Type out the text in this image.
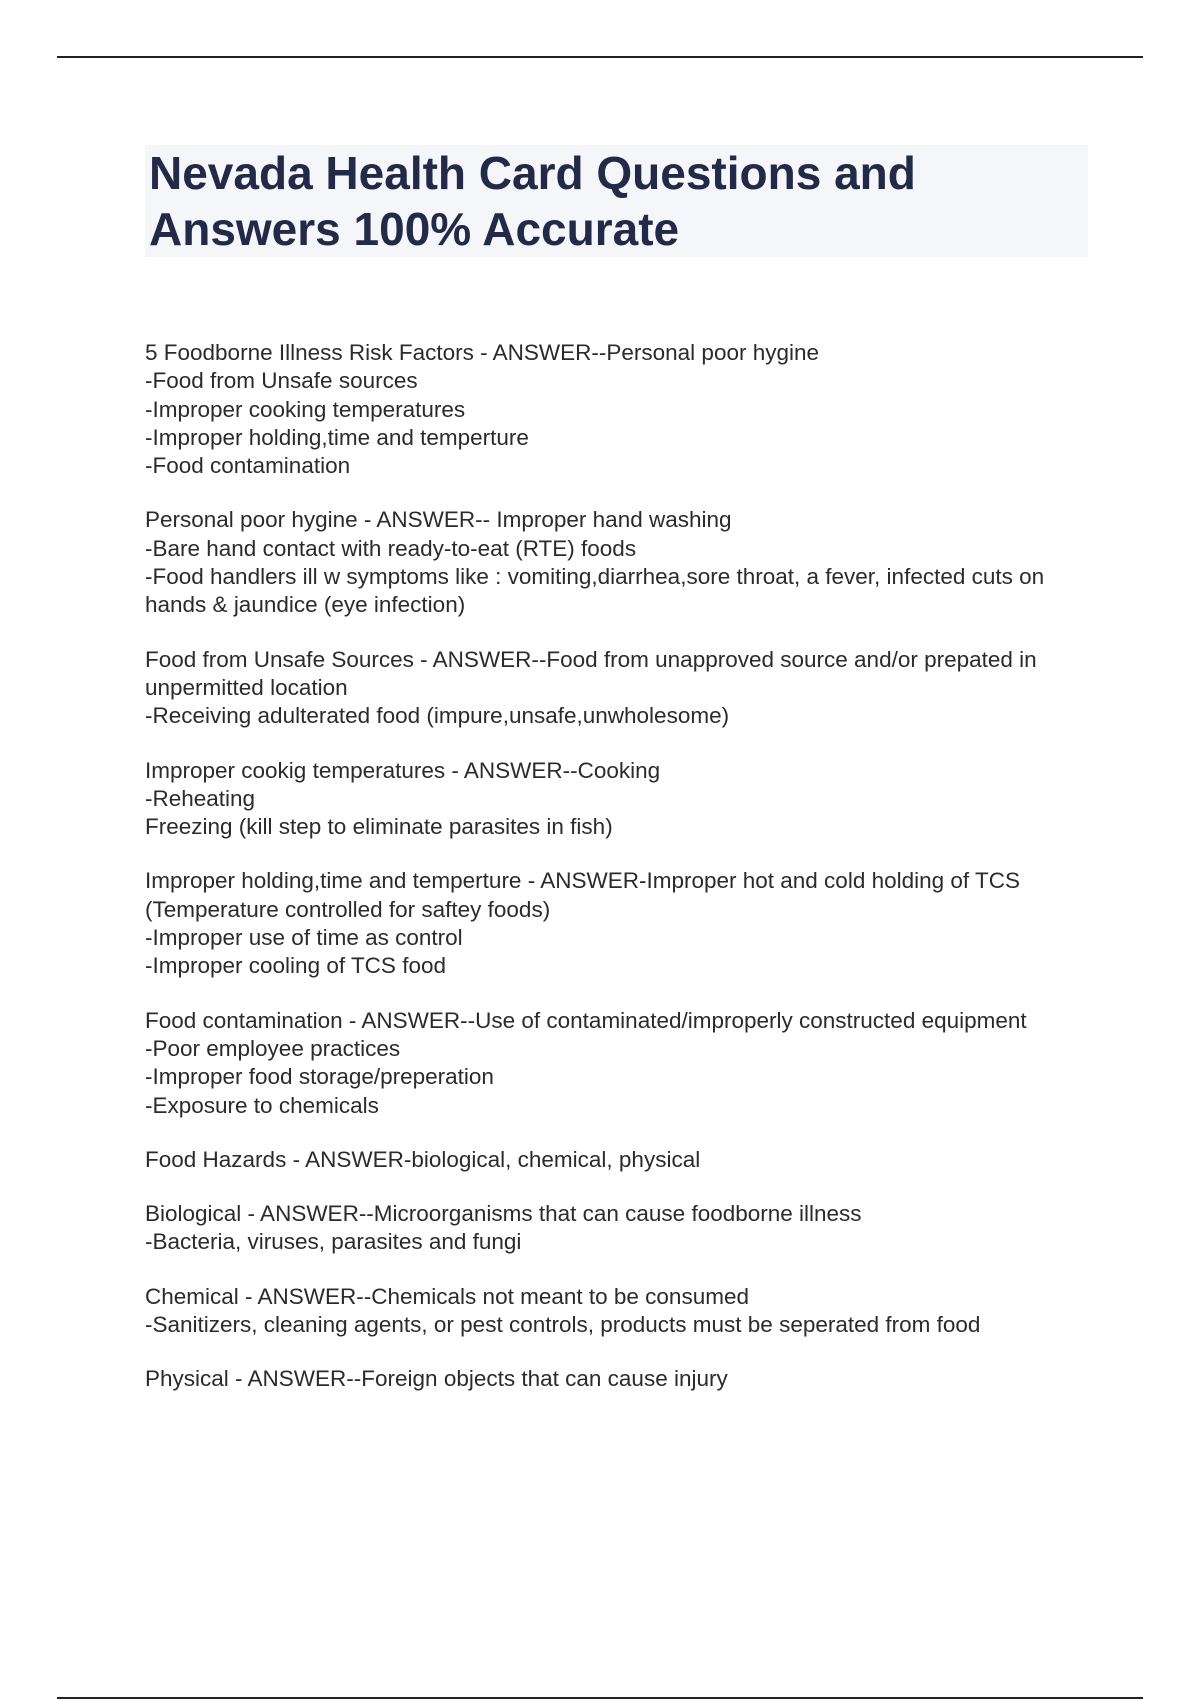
Nevada Health Card Questions and Answers 100% Accurate
5 Foodborne Illness Risk Factors - ANSWER--Personal poor hygine
-Food from Unsafe sources
-Improper cooking temperatures
-Improper holding,time and temperture
-Food contamination
Personal poor hygine - ANSWER-- Improper hand washing
-Bare hand contact with ready-to-eat (RTE) foods
-Food handlers ill w symptoms like : vomiting,diarrhea,sore throat, a fever, infected cuts on hands & jaundice (eye infection)
Food from Unsafe Sources - ANSWER--Food from unapproved source and/or prepated in unpermitted location
-Receiving adulterated food (impure,unsafe,unwholesome)
Improper cookig temperatures - ANSWER--Cooking
-Reheating
Freezing (kill step to eliminate parasites in fish)
Improper holding,time and temperture - ANSWER-Improper hot and cold holding of TCS (Temperature controlled for saftey foods)
-Improper use of time as control
-Improper cooling of TCS food
Food contamination - ANSWER--Use of contaminated/improperly constructed equipment
-Poor employee practices
-Improper food storage/preperation
-Exposure to chemicals
Food Hazards - ANSWER-biological, chemical, physical
Biological - ANSWER--Microorganisms that can cause foodborne illness
-Bacteria, viruses, parasites and fungi
Chemical - ANSWER--Chemicals not meant to be consumed
-Sanitizers, cleaning agents, or pest controls, products must be seperated from food
Physical - ANSWER--Foreign objects that can cause injury
